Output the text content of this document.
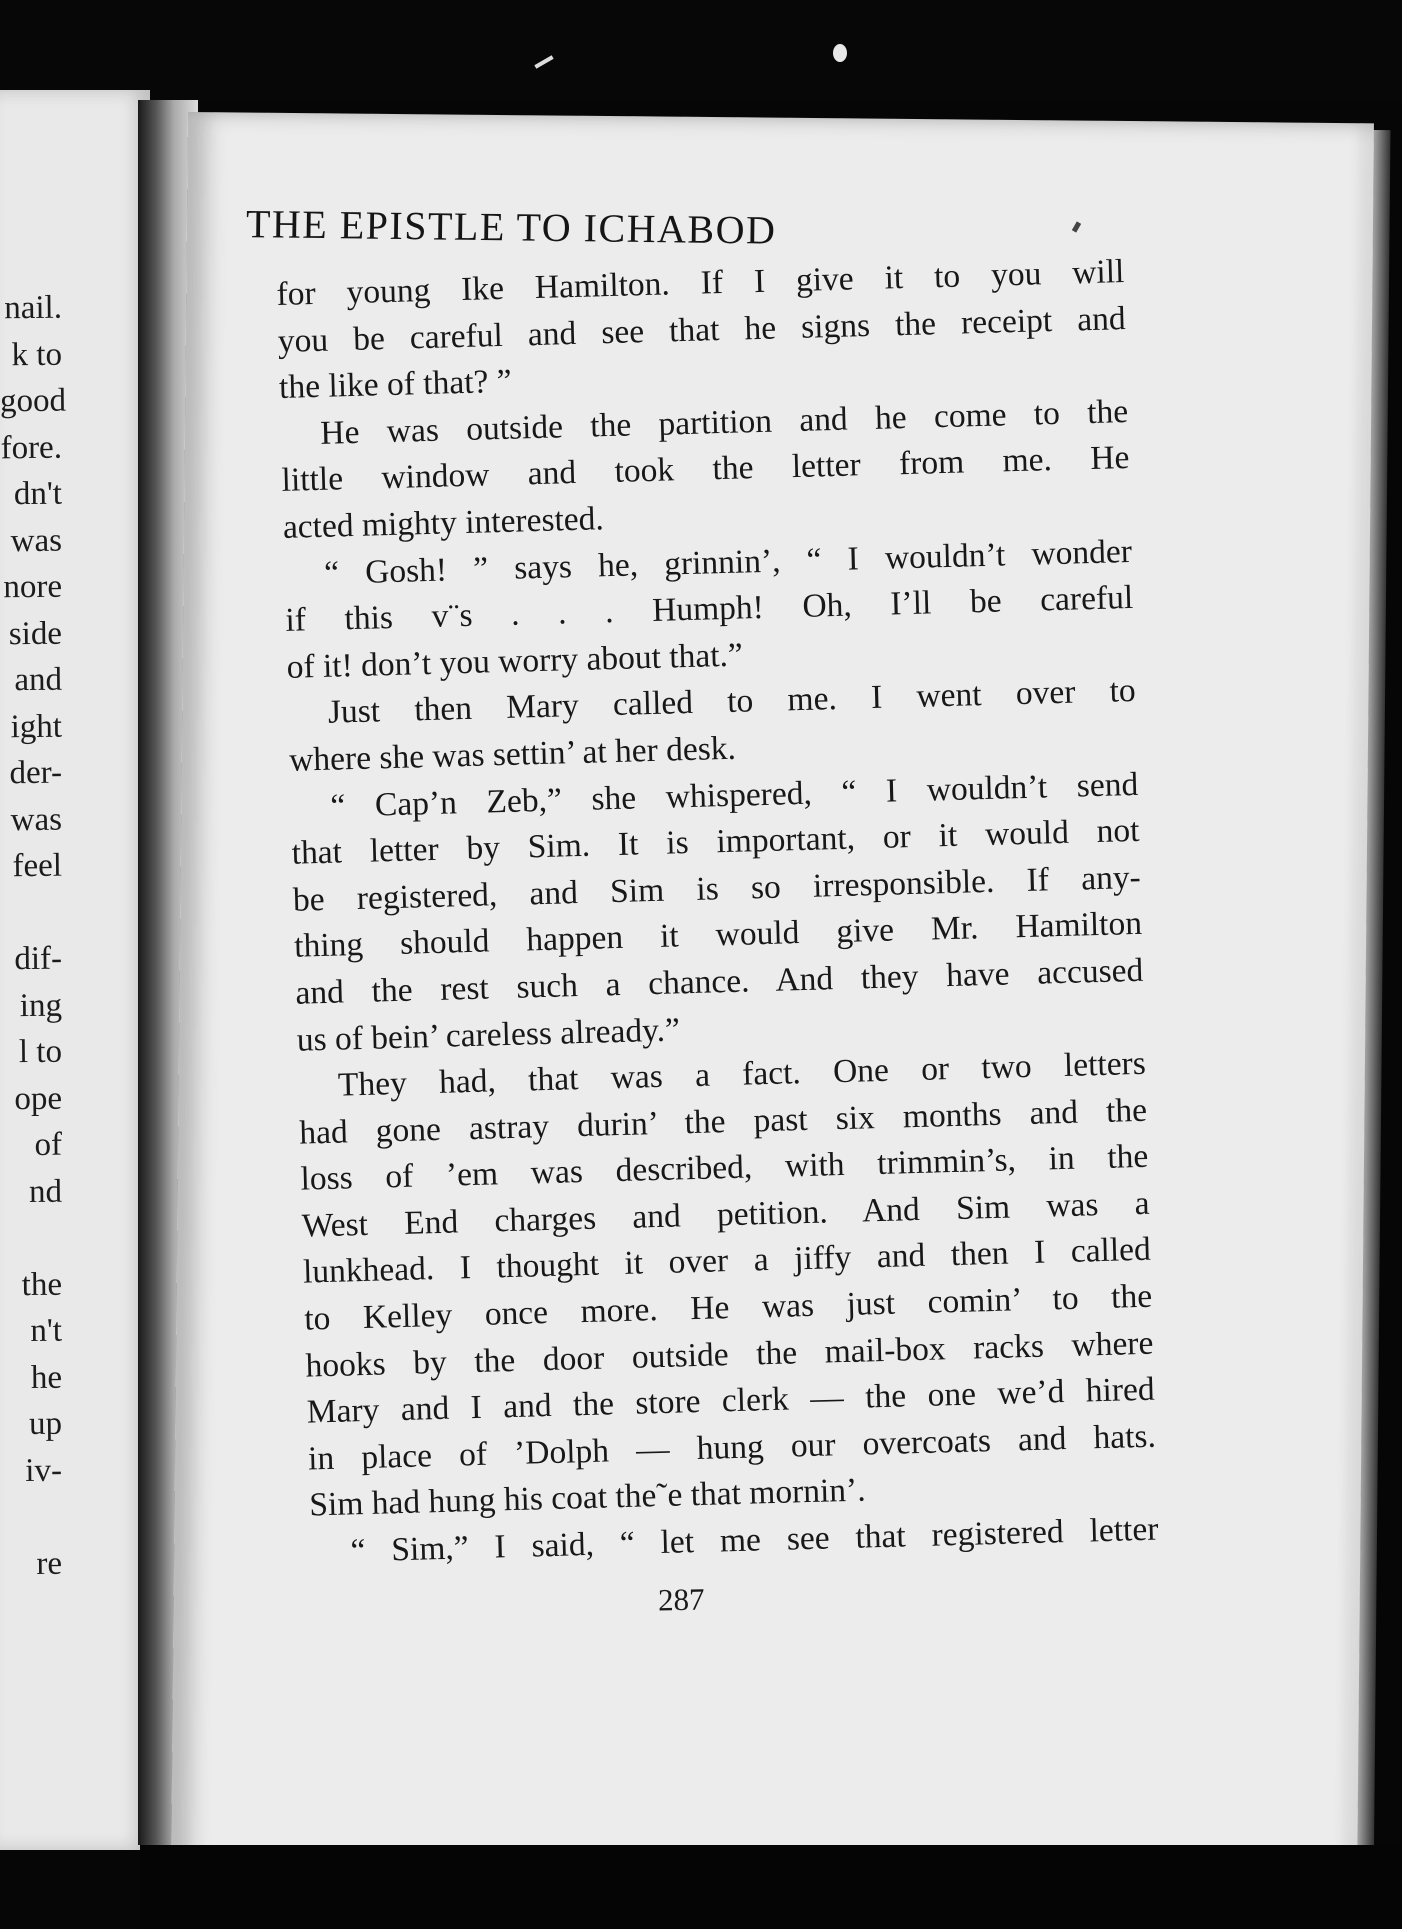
nail.
k to
good
fore.
dn't
was
nore
side
and
ight
der-
was
feel
dif-
ing
l to
ope
of
nd
the
n't
he
up
iv-
re
THE EPISTLE TO ICHABOD
for young Ike Hamilton. If I give it to you will
you be careful and see that he signs the receipt and
the like of that? ”
He was outside the partition and he come to the
little window and took the letter from me. He
acted mighty interested.
“ Gosh! ” says he, grinnin’, “ I wouldn’t wonder
if this v¨s . . . Humph! Oh, I’ll be careful
of it! don’t you worry about that.”
Just then Mary called to me. I went over to
where she was settin’ at her desk.
“ Cap’n Zeb,” she whispered, “ I wouldn’t send
that letter by Sim. It is important, or it would not
be registered, and Sim is so irresponsible. If any-
thing should happen it would give Mr. Hamilton
and the rest such a chance. And they have accused
us of bein’ careless already.”
They had, that was a fact. One or two letters
had gone astray durin’ the past six months and the
loss of ’em was described, with trimmin’s, in the
West End charges and petition. And Sim was a
lunkhead. I thought it over a jiffy and then I called
to Kelley once more. He was just comin’ to the
hooks by the door outside the mail-box racks where
Mary and I and the store clerk — the one we’d hired
in place of ’Dolph — hung our overcoats and hats.
Sim had hung his coat the˜e that mornin’.
“ Sim,” I said, “ let me see that registered letter
287
